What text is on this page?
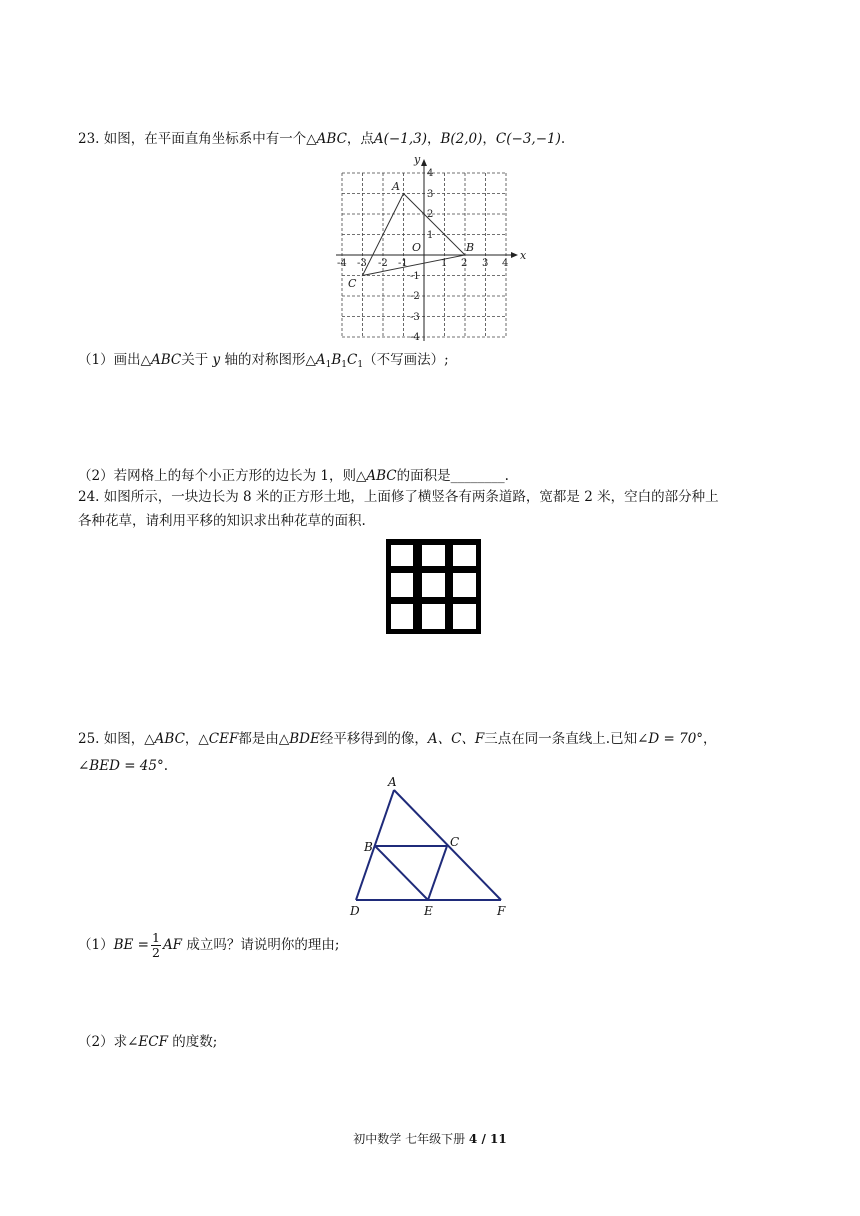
23. 如图，在平面直角坐标系中有一个△ABC，点A(−1,3)，B(2,0)，C(−3,−1).
-4 -3 -2 -1	1 2 3 4
4
3
2
1
-1
-2
-3
-4
x
y
O
A
B
C
（1）画出△ABC关于 y 轴的对称图形$\triangle A_1B_1C_1$（不写画法）;
（2）若网格上的每个小正方形的边长为 1，则△ABC的面积是________.
24. 如图所示，一块边长为 8 米的正方形土地，上面修了横竖各有两条道路，宽都是 2 米，空白的部分种上
各种花草，请利用平移的知识求出种花草的面积.
25. 如图，△ABC，△CEF都是由△BDE经平移得到的像，A、C、F三点在同一条直线上.已知∠D = 70°，
∠BED = 45°.
A
B	C
D	E	F
$(1)BE = \frac{1}{2}$ AF 成立吗？请说明你的理由;
（2）求∠ECF 的度数;
初中数学 七年级下册 4 / 11
